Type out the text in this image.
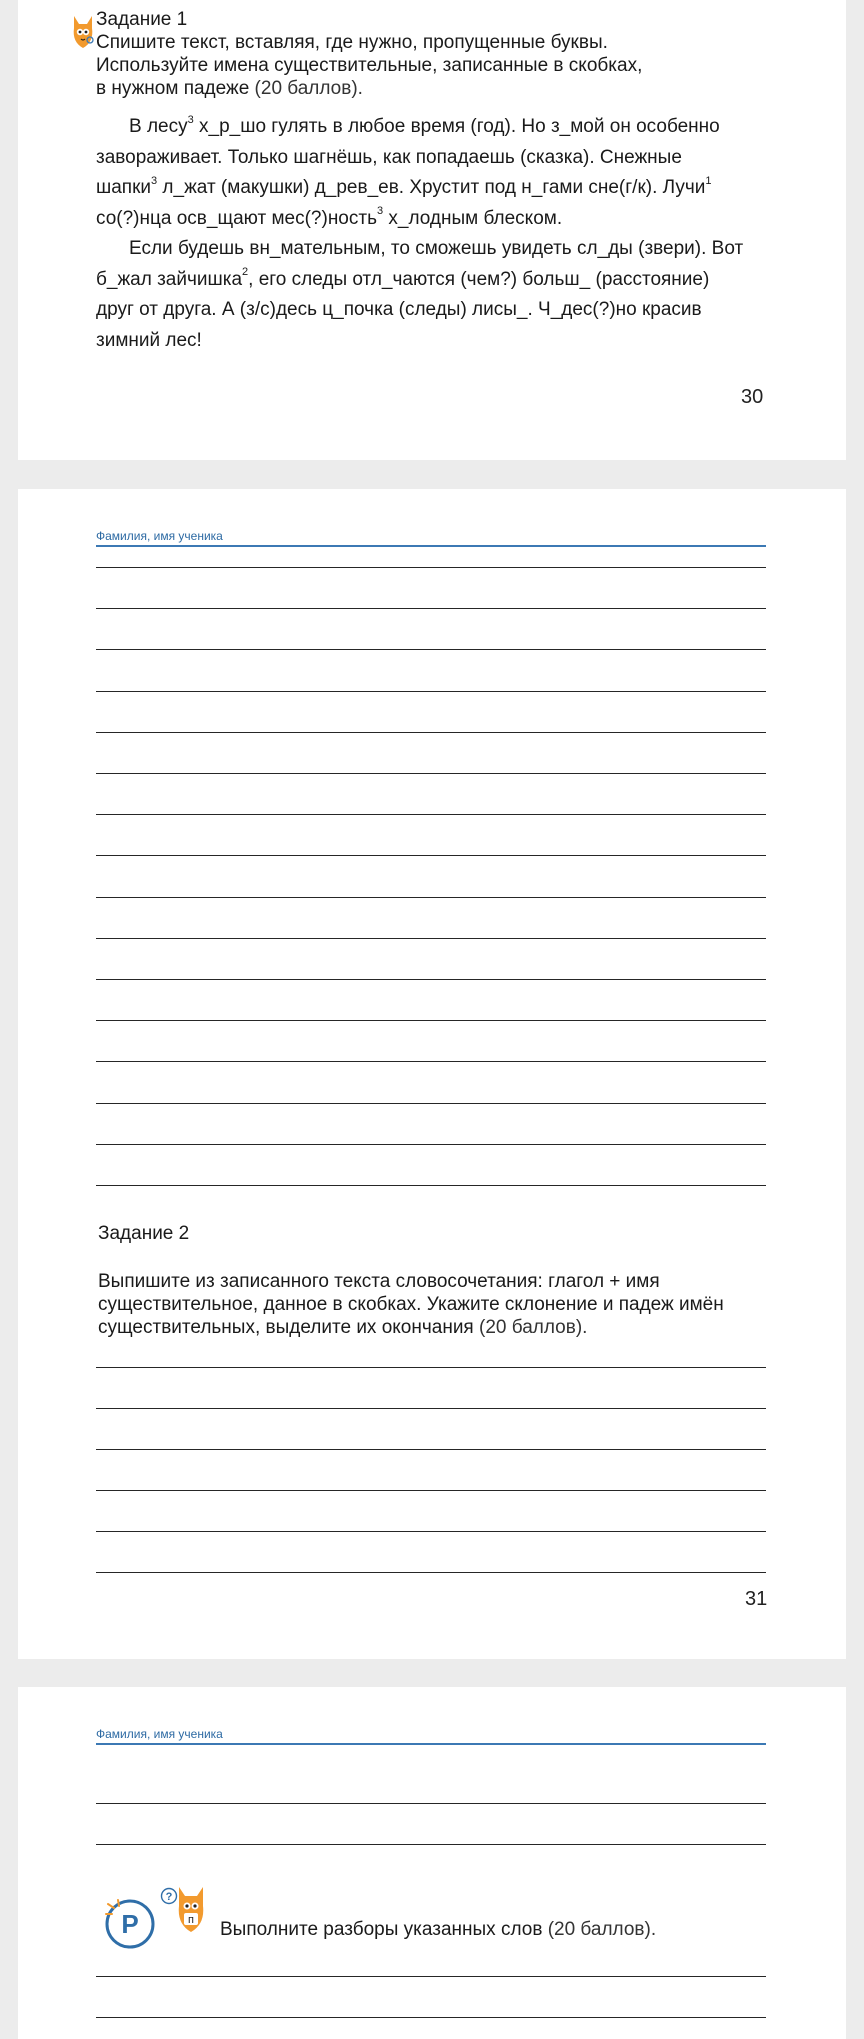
Задание 1
Спишите текст, вставляя, где нужно, пропущенные буквы.
Используйте имена существительные, записанные в скобках,
в нужном падеже (20 баллов).

В лесу$^3$ х_р_шо гулять в любое время (год). Но з_мой он особенно

завораживает. Только шагнёшь, как попадаешь (сказка). Снежные
шапки$^3$ л_жат (макушки) д_рев_ев. Хрустит под н_гами сне(г/к). Лучи$^1$
со(?)нца осв_щают мес(?)ность$^3$ х_лодным блеском.

Если будешь вн_мательным, то сможешь увидеть сл_ды (звери). Вот

б_жал зайчишка$^2$, его следы отл_чаются (чем?) больш_ (расстояние)
друг от друга. А (з/с)десь ц_почка (следы) лисы_. Ч_дес(?)но красив
зимний лес!
30
Фамилия, имя ученика
Задание 2
Выпишите из записанного текста словосочетания: глагол + имя
существительное, данное в скобках. Укажите склонение и падеж имён
существительных, выделите их окончания (20 баллов).
31
Фамилия, имя ученика
Р
?
п Выполните разборы указанных слов (20 баллов).
